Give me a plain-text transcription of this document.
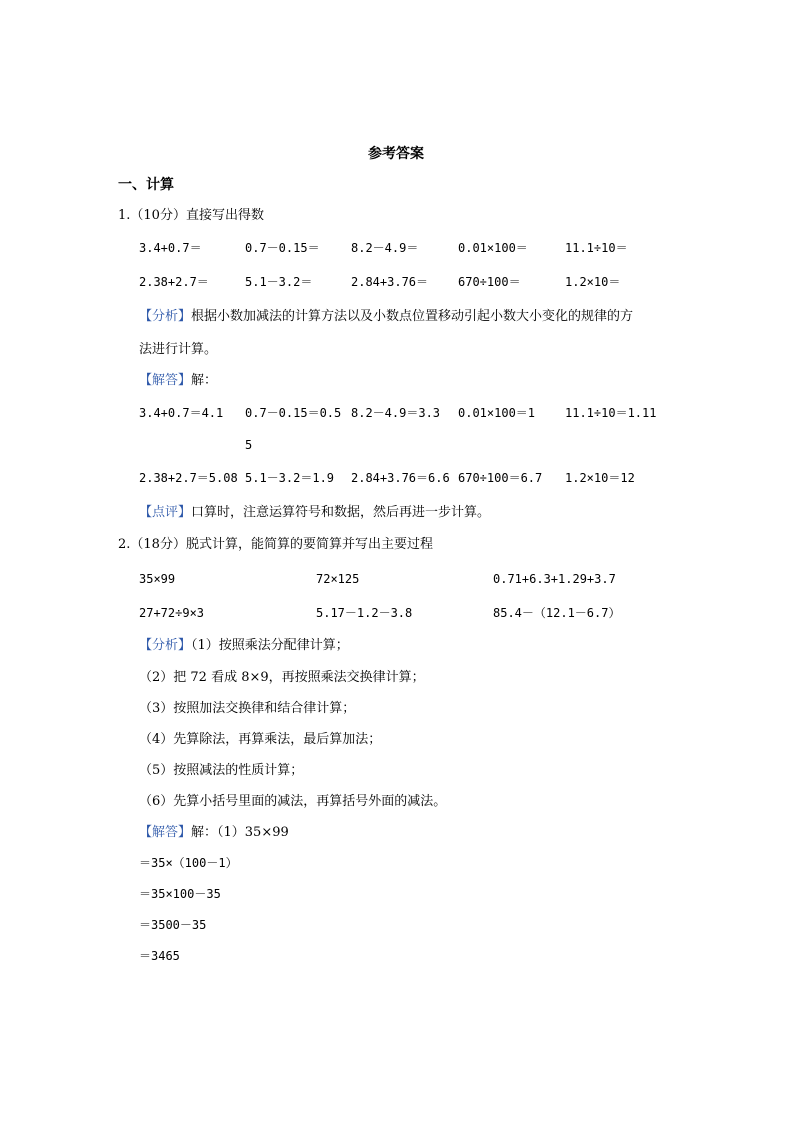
参考答案
一、计算
1.（10分）直接写出得数
3.4+0.7＝	0.7－0.15＝	8.2－4.9＝	0.01×100＝	11.1÷10＝
2.38+2.7＝	5.1－3.2＝	2.84+3.76＝ 670÷100＝	1.2×10＝
【分析】根据小数加减法的计算方法以及小数点位置移动引起小数大小变化的规律的方
法进行计算。
【解答】解：
3.4+0.7＝4.1 0.7－0.15＝0.5 8.2－4.9＝3.3 0.01×100＝1 11.1÷10＝1.11
5
2.38+2.7＝5.08 5.1－3.2＝1.9 2.84+3.76＝6.6 670÷100＝6.7 1.2×10＝12
【点评】口算时，注意运算符号和数据，然后再进一步计算。
2.（18分）脱式计算，能简算的要简算并写出主要过程
35×99	72×125	0.71+6.3+1.29+3.7
27+72÷9×3	5.17－1.2－3.8	85.4－（12.1－6.7）
【分析】（1）按照乘法分配律计算；
（2）把 72 看成 8×9，再按照乘法交换律计算；
（3）按照加法交换律和结合律计算；
（4）先算除法，再算乘法，最后算加法；
（5）按照减法的性质计算；
（6）先算小括号里面的减法，再算括号外面的减法。
【解答】解：（1）35×99
＝35×（100－1）
＝35×100－35
＝3500－35
＝3465
